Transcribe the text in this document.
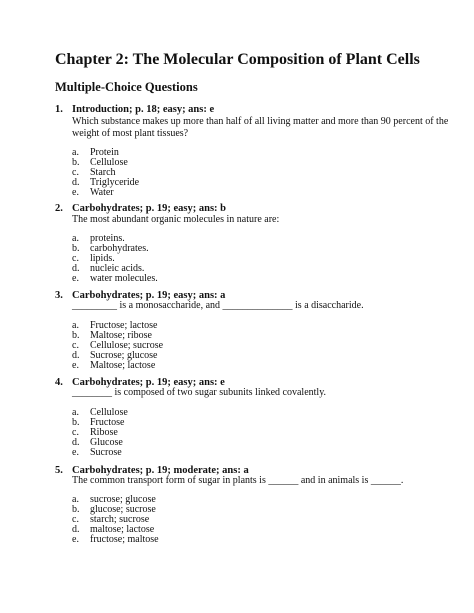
Chapter 2: The Molecular Composition of Plant Cells
Multiple-Choice Questions
1. Introduction; p. 18; easy; ans: e
Which substance makes up more than half of all living matter and more than 90 percent of the
weight of most plant tissues?
a. Protein
b. Cellulose
c. Starch
d. Triglyceride
e. Water
2. Carbohydrates; p. 19; easy; ans: b
The most abundant organic molecules in nature are:
a. proteins.
b. carbohydrates.
c. lipids.
d. nucleic acids.
e. water molecules.
3. Carbohydrates; p. 19; easy; ans: a
_________ is a monosaccharide, and ______________ is a disaccharide.
a. Fructose; lactose
b. Maltose; ribose
c. Cellulose; sucrose
d. Sucrose; glucose
e. Maltose; lactose
4. Carbohydrates; p. 19; easy; ans: e
________ is composed of two sugar subunits linked covalently.
a. Cellulose
b. Fructose
c. Ribose
d. Glucose
e. Sucrose
5. Carbohydrates; p. 19; moderate; ans: a
The common transport form of sugar in plants is ______ and in animals is ______.
a. sucrose; glucose
b. glucose; sucrose
c. starch; sucrose
d. maltose; lactose
e. fructose; maltose
